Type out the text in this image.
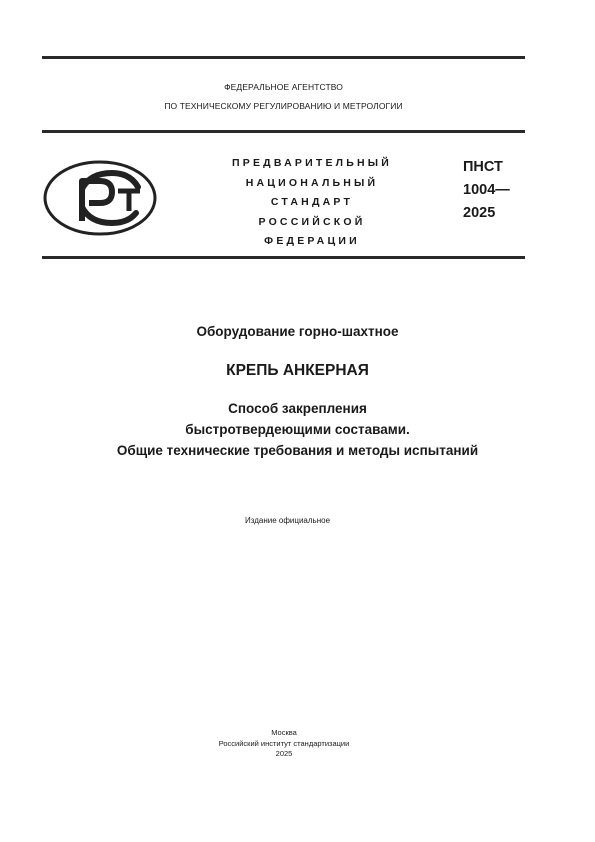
ФЕДЕРАЛЬНОЕ АГЕНТСТВО
ПО ТЕХНИЧЕСКОМУ РЕГУЛИРОВАНИЮ И МЕТРОЛОГИИ
ПРЕДВАРИТЕЛЬНЫЙ
НАЦИОНАЛЬНЫЙ
СТАНДАРТ
РОССИЙСКОЙ
ФЕДЕРАЦИИ
ПНСТ
1004—
2025
Оборудование горно-шахтное
КРЕПЬ АНКЕРНАЯ
Способ закрепления
быстротвердеющими составами.
Общие технические требования и методы испытаний
Издание официальное
Москва
Российский институт стандартизации
2025
